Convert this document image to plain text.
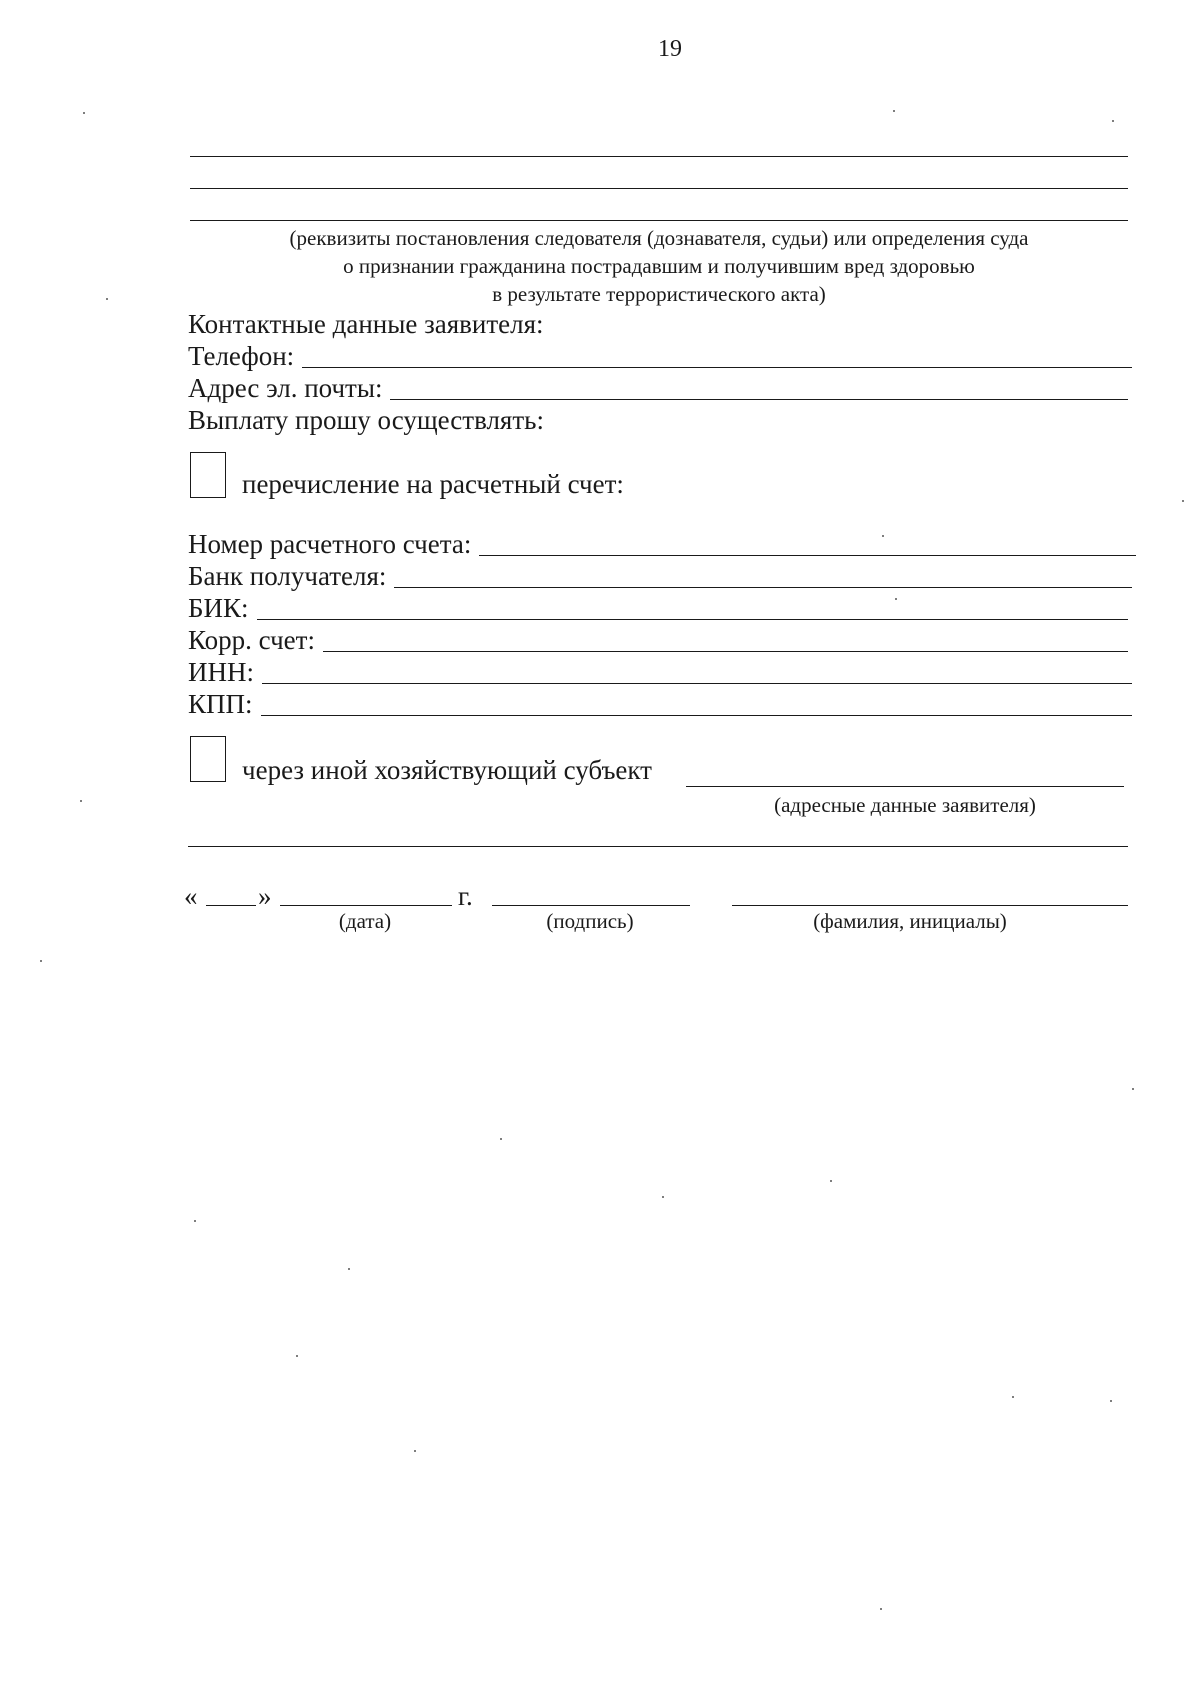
19
(реквизиты постановления следователя (дознавателя, судьи) или определения суда
о признании гражданина пострадавшим и получившим вред здоровью
в результате террористического акта)
Контактные данные заявителя:
Телефон:
Адрес эл. почты:
Выплату прошу осуществлять:
перечисление на расчетный счет:
Номер расчетного счета:
Банк получателя:
БИК:
Корр. счет:
ИНН:
КПП:
через иной хозяйствующий субъект
(адресные данные заявителя)
« »	г.
(дата)	(подпись)	(фамилия, инициалы)
